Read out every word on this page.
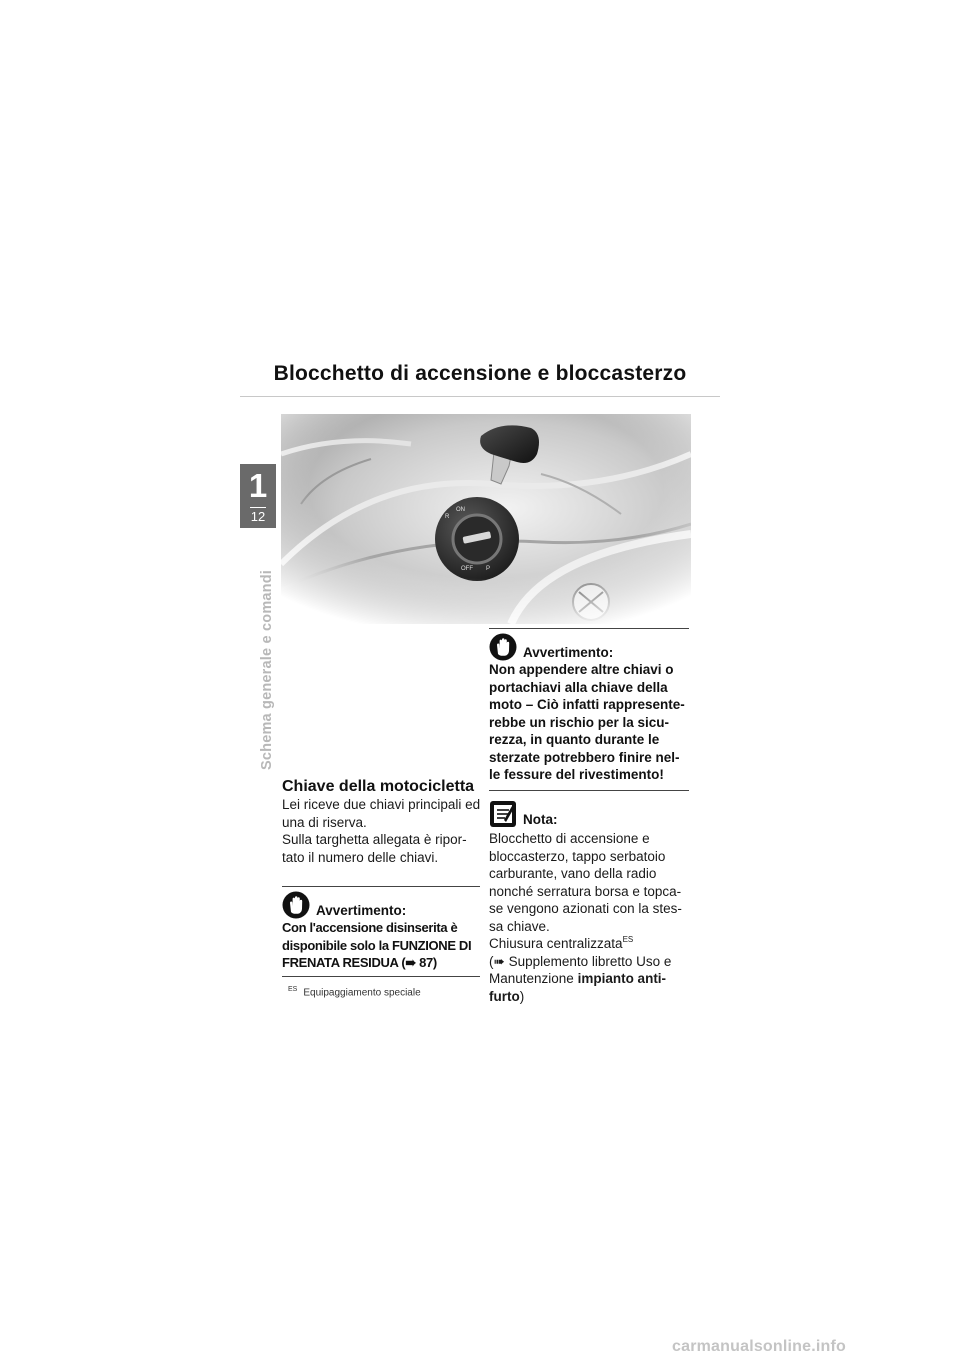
Blocchetto di accensione e bloccasterzo
1
12
Schema generale e comandi	Avvertimento:
Non appendere altre chiavi o portachiavi alla chiave della moto – Ciò infatti rappresente-rebbe un rischio per la sicu-rezza, in quanto durante le sterzate potrebbero finire nel-le fessure del rivestimento!
Nota:
Blocchetto di accensione e bloccasterzo, tappo serbatoio carburante, vano della radio nonché serratura borsa e topca-se vengono azionati con la stes-sa chiave.
Chiusura centralizzata$^{ES}$
(➠ Supplemento libretto Uso e Manutenzione impianto anti-furto)
Chiave della motocicletta
Lei riceve due chiavi principali ed una di riserva.
Sulla targhetta allegata è ripor-tato il numero delle chiavi.
Avvertimento:
Con l'accensione disinserita è disponibile solo la FUNZIONE DI FRENATA RESIDUA (➠ 87)
$^{ES}$ Equipaggiamento speciale
carmanualsonline.info
